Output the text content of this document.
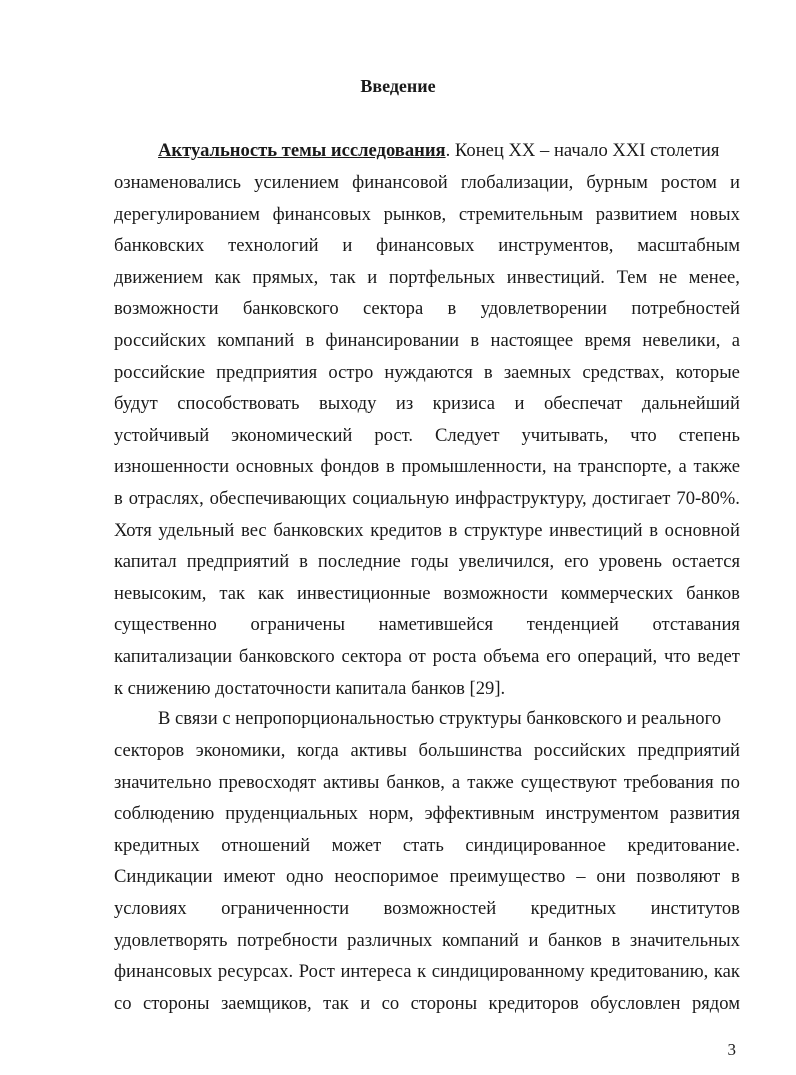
Введение
Актуальность темы исследования. Конец XX – начало XXI столетия
ознаменовались усилением финансовой глобализации, бурным ростом и
дерегулированием финансовых рынков, стремительным развитием новых
банковских технологий и финансовых инструментов, масштабным
движением как прямых, так и портфельных инвестиций. Тем не менее,
возможности банковского сектора в удовлетворении потребностей
российских компаний в финансировании в настоящее время невелики, а
российские предприятия остро нуждаются в заемных средствах, которые
будут способствовать выходу из кризиса и обеспечат дальнейший
устойчивый экономический рост. Следует учитывать, что степень
изношенности основных фондов в промышленности, на транспорте, а также
в отраслях, обеспечивающих социальную инфраструктуру, достигает 70-80%.
Хотя удельный вес банковских кредитов в структуре инвестиций в основной
капитал предприятий в последние годы увеличился, его уровень остается
невысоким, так как инвестиционные возможности коммерческих банков
существенно ограничены наметившейся тенденцией отставания
капитализации банковского сектора от роста объема его операций, что ведет
к снижению достаточности капитала банков [29].
В связи с непропорциональностью структуры банковского и реального
секторов экономики, когда активы большинства российских предприятий
значительно превосходят активы банков, а также существуют требования по
соблюдению пруденциальных норм, эффективным инструментом развития
кредитных отношений может стать синдицированное кредитование.
Синдикации имеют одно неоспоримое преимущество – они позволяют в
условиях ограниченности возможностей кредитных институтов
удовлетворять потребности различных компаний и банков в значительных
финансовых ресурсах. Рост интереса к синдицированному кредитованию, как
со стороны заемщиков, так и со стороны кредиторов обусловлен рядом
3
